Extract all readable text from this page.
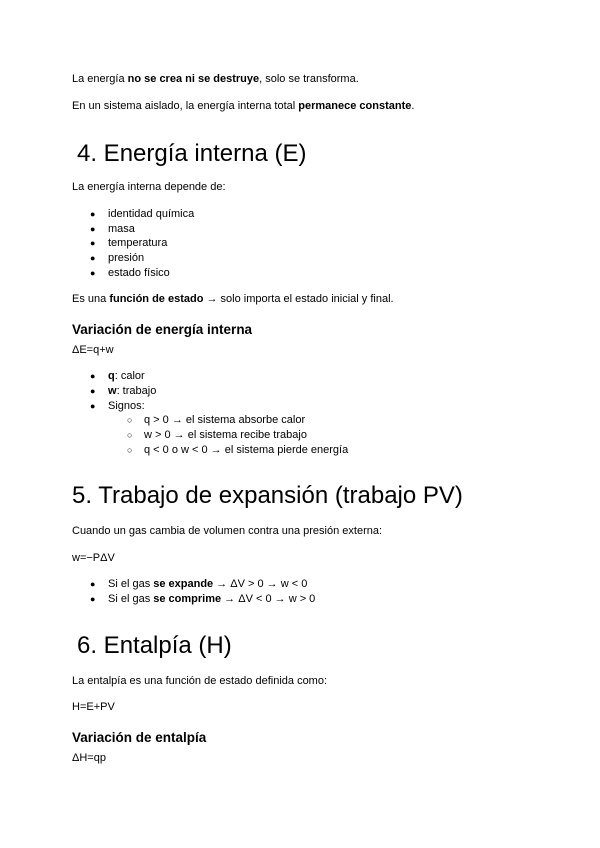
La energía no se crea ni se destruye, solo se transforma.
En un sistema aislado, la energía interna total permanece constante.
4. Energía interna (E)
La energía interna depende de:
● identidad química
● masa
● temperatura
● presión
● estado físico
Es una función de estado → solo importa el estado inicial y final.
Variación de energía interna
ΔE=q+w
● q: calor
● w: trabajo
● Signos:
○ q > 0 → el sistema absorbe calor
○ w > 0 → el sistema recibe trabajo
○ q < 0 o w < 0 → el sistema pierde energía
5. Trabajo de expansión (trabajo PV)
Cuando un gas cambia de volumen contra una presión externa:
w=−PΔV
● Si el gas se expande → ΔV > 0 → w < 0
● Si el gas se comprime → ΔV < 0 → w > 0
6. Entalpía (H)
La entalpía es una función de estado definida como:
H=E+PV
Variación de entalpía
ΔH=qp
